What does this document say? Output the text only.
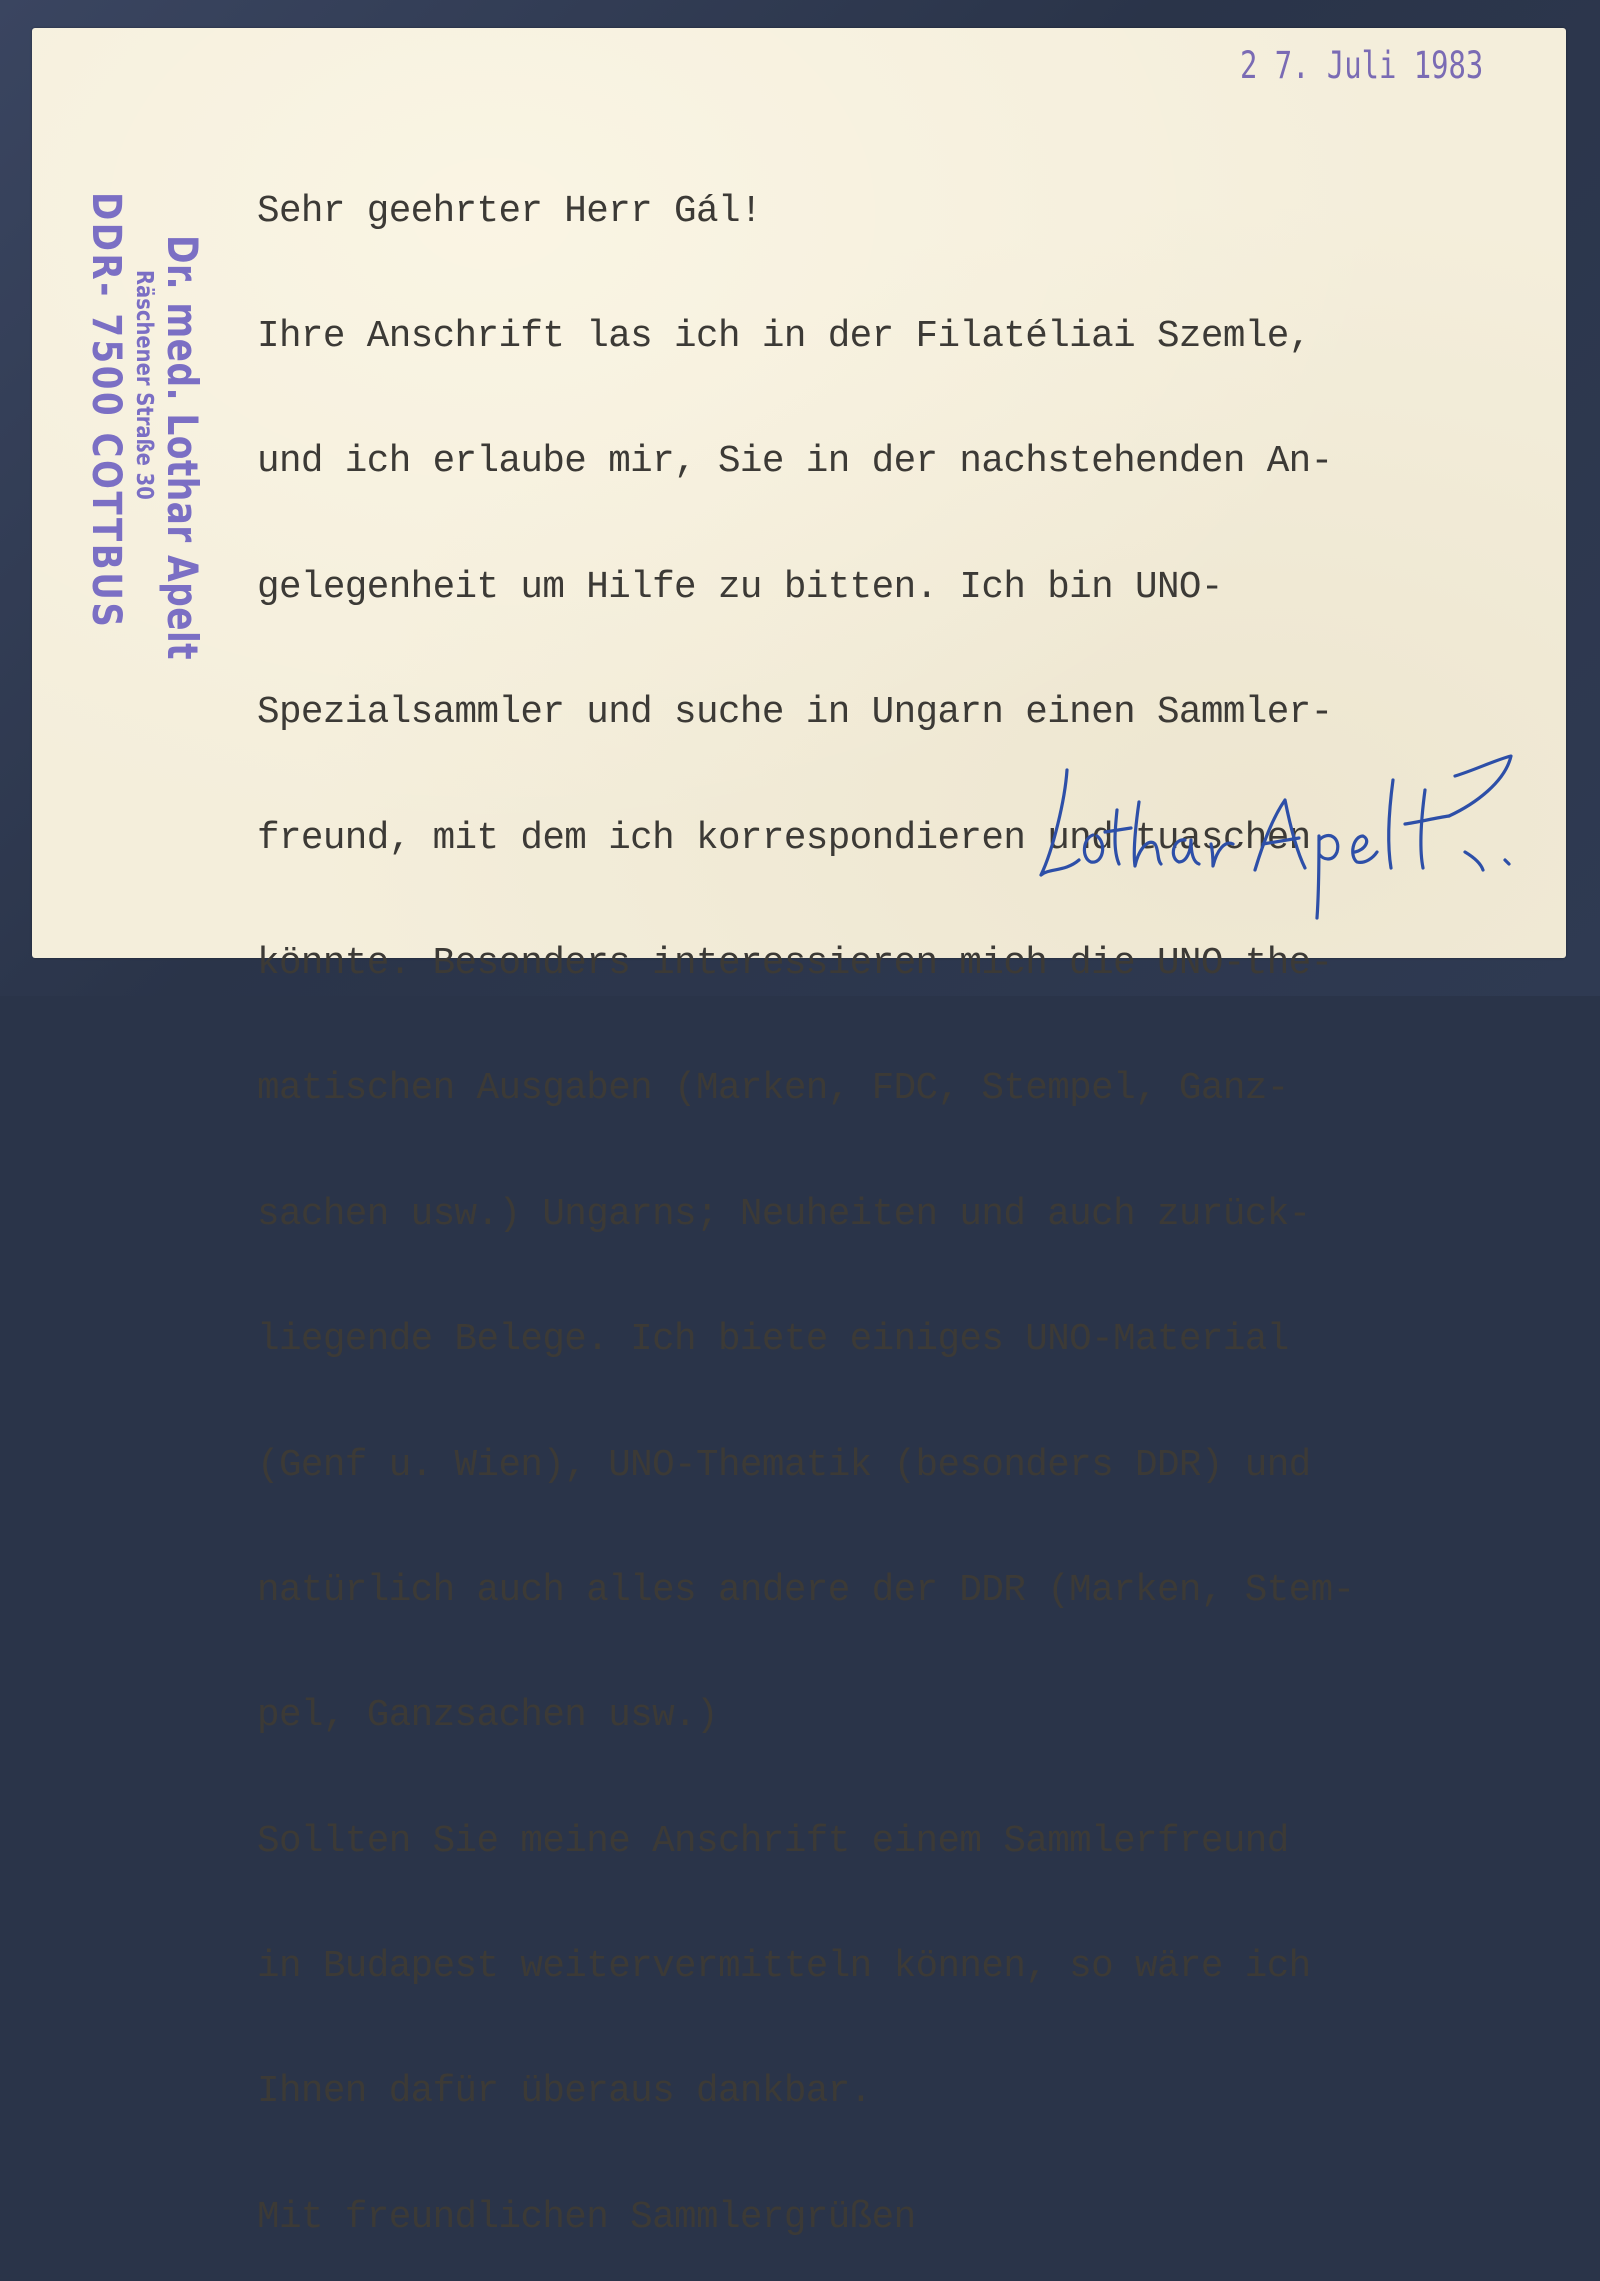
2 7. Juli 1983
Dr. med. Lothar Apelt
Räschener Straße 30
DDR- 7500 COTTBUS

	Sehr geehrter Herr Gál!

Ihre Anschrift las ich in der Filatéliai Szemle,

und ich erlaube mir, Sie in der nachstehenden An-

gelegenheit um Hilfe zu bitten. Ich bin UNO-

Spezialsammler und suche in Ungarn einen Sammler-

freund, mit dem ich korrespondieren und tuaschen

könnte. Besonders interessieren mich die UNO-the-

matischen Ausgaben (Marken, FDC, Stempel, Ganz-

sachen usw.) Ungarns; Neuheiten und auch zurück-

liegende Belege. Ich biete einiges UNO-Material

(Genf u. Wien), UNO-Thematik (besonders DDR) und

natürlich auch alles andere der DDR (Marken, Stem-

pel, Ganzsachen usw.)

Sollten Sie meine Anschrift einem Sammlerfreund

in Budapest weitervermitteln können, so wäre ich

Ihnen dafür überaus dankbar.

Mit freundlichen Sammlergrüßen
